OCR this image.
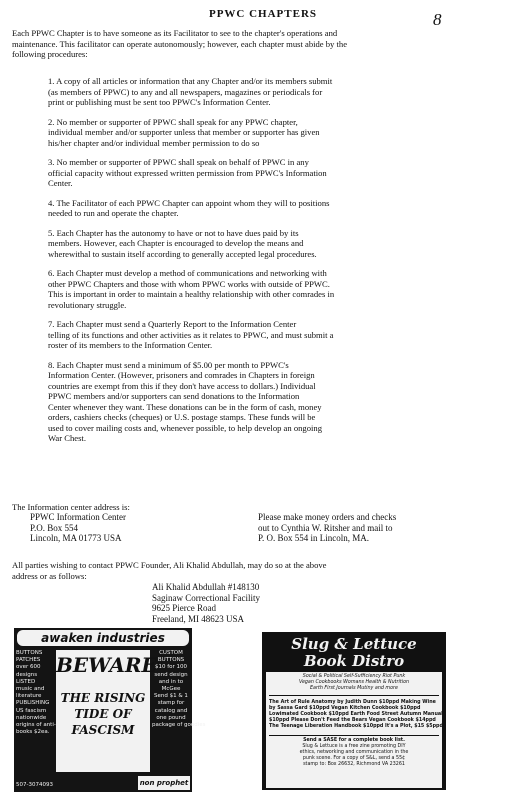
PPWC CHAPTERS	8
Each PPWC Chapter is to have someone as its Facilitator to see to the chapter's operations and
maintenance. This facilitator can operate autonomously; however, each chapter must abide by the
following procedures:
1. A copy of all articles or information that any Chapter and/or its members submit
(as members of PPWC) to any and all newspapers, magazines or periodicals for
print or publishing must be sent too PPWC's Information Center.
2. No member or supporter of PPWC shall speak for any PPWC chapter,
individual member and/or supporter unless that member or supporter has given
his/her chapter and/or individual member permission to do so
3. No member or supporter of PPWC shall speak on behalf of PPWC in any
official capacity without expressed written permission from PPWC's Information
Center.
4. The Facilitator of each PPWC Chapter can appoint whom they will to positions
needed to run and operate the chapter.
5. Each Chapter has the autonomy to have or not to have dues paid by its
members. However, each Chapter is encouraged to develop the means and
wherewithal to sustain itself according to generally accepted legal procedures.
6. Each Chapter must develop a method of communications and networking with
other PPWC Chapters and those with whom PPWC works with outside of PPWC.
This is important in order to maintain a healthy relationship with other comrades in
revolutionary struggle.
7. Each Chapter must send a Quarterly Report to the Information Center
telling of its functions and other activities as it relates to PPWC, and must submit a
roster of its members to the Information Center.
8. Each Chapter must send a minimum of $5.00 per month to PPWC's
Information Center. (However, prisoners and comrades in Chapters in foreign
countries are exempt from this if they don't have access to dollars.) Individual
PPWC members and/or supporters can send donations to the Information
Center whenever they want. These donations can be in the form of cash, money
orders, cashiers checks (cheques) or U.S. postage stamps. These funds will be
used to cover mailing costs and, whenever possible, to help develop an ongoing
War Chest.
The Information center address is:
PPWC Information Center
P.O. Box 554
Lincoln, MA 01773 USA
Please make money orders and checks
out to Cynthia W. Ritsher and mail to
P. O. Box 554 in Lincoln, MA.
All parties wishing to contact PPWC Founder, Ali Khalid Abdullah, may do so at the above
address or as follows:
Ali Khalid Abdullah #148130
Saginaw Correctional Facility
9625 Pierce Road
Freeland, MI 48623 USA
awaken industries
BUTTONS
PATCHES
over 600
designs
LISTED
music and
literature
PUBLISHING
US fascism
nationwide
origins of anti-
books $2ea.
BEWARE
THE RISING
TIDE OF
FASCISM
CUSTOM
BUTTONS
$10 for 100
send design
and in to
McGee
Send $1 & 1
stamp for
catalog and
one pound
package of goodies
507-3074093	non prophet
Slug & Lettuce
Book Distro
Social & Political Self-Sufficiency Riot Punk
Vegan Cookbooks Womans Health & Nutrition
Earth First Journals Mutiny and more
The Art of Rule Anatomy by Judith Dunn $10ppd Making Wine
by Sassa Gard $10ppd Vegan Kitchen Cookbook $10ppd
Lowimated Cookbook $10ppd Earth Food Street Autumn Manual
$10ppd Please Don't Feed the Bears Vegan Cookbook $14ppd
The Teenage Liberation Handbook $10ppd It's a Plot, $15 $5ppd
Send a SASE for a complete book list.
Slug & Lettuce is a free zine promoting DIY
ethics, networking and communication in the
punk scene. For a copy of S&L, send a 55¢
stamp to: Box 26632, Richmond VA 23261
